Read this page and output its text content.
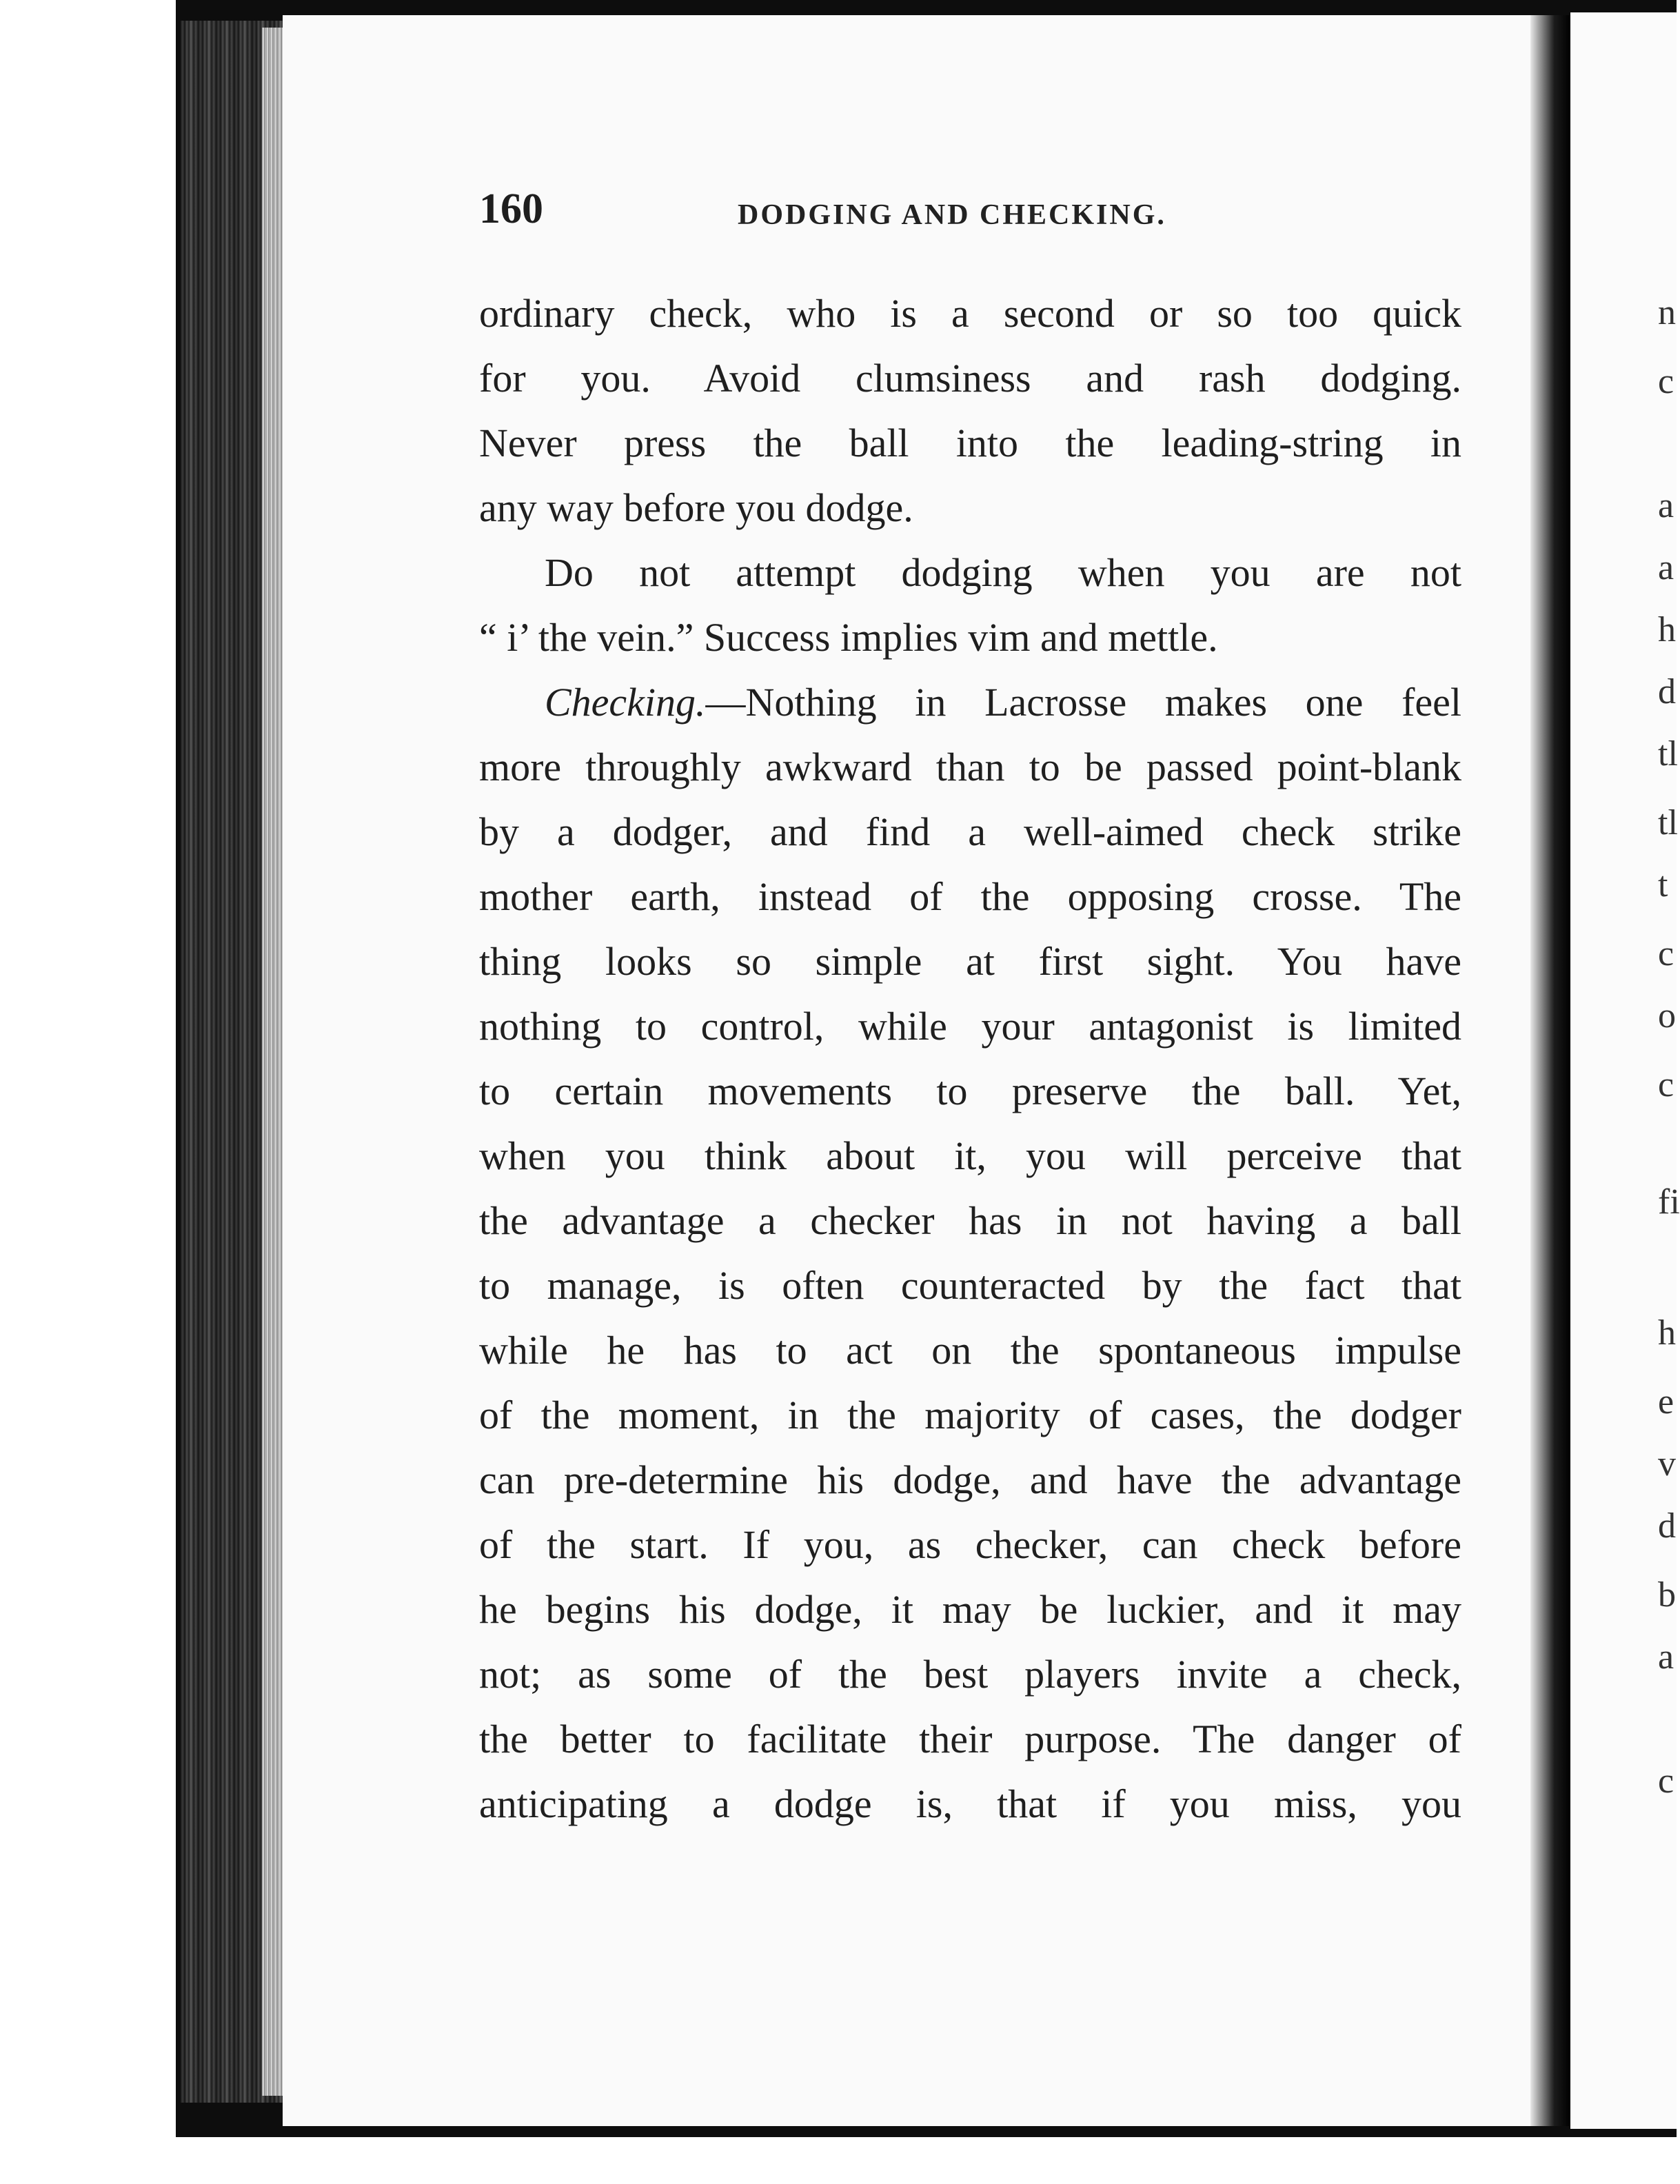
160	DODGING AND CHECKING.
ordinary check, who is a second or so too quick
for you. Avoid clumsiness and rash dodging.
Never press the ball into the leading-string in
any way before you dodge.
Do not attempt dodging when you are not
“ i’ the vein.” Success implies vim and mettle.
Checking.—Nothing in Lacrosse makes one feel
more throughly awkward than to be passed point-blank
by a dodger, and find a well-aimed check strike
mother earth, instead of the opposing crosse. The
thing looks so simple at first sight. You have
nothing to control, while your antagonist is limited
to certain movements to preserve the ball. Yet,
when you think about it, you will perceive that
the advantage a checker has in not having a ball
to manage, is often counteracted by the fact that
while he has to act on the spontaneous impulse
of the moment, in the majority of cases, the dodger
can pre-determine his dodge, and have the advantage
of the start. If you, as checker, can check before
he begins his dodge, it may be luckier, and it may
not; as some of the best players invite a check,
the better to facilitate their purpose. The danger of
anticipating a dodge is, that if you miss, you
n
c
a
a
h
d
tl
tl
t
c
o
c
fi
h
e
v
d
b
a
c
